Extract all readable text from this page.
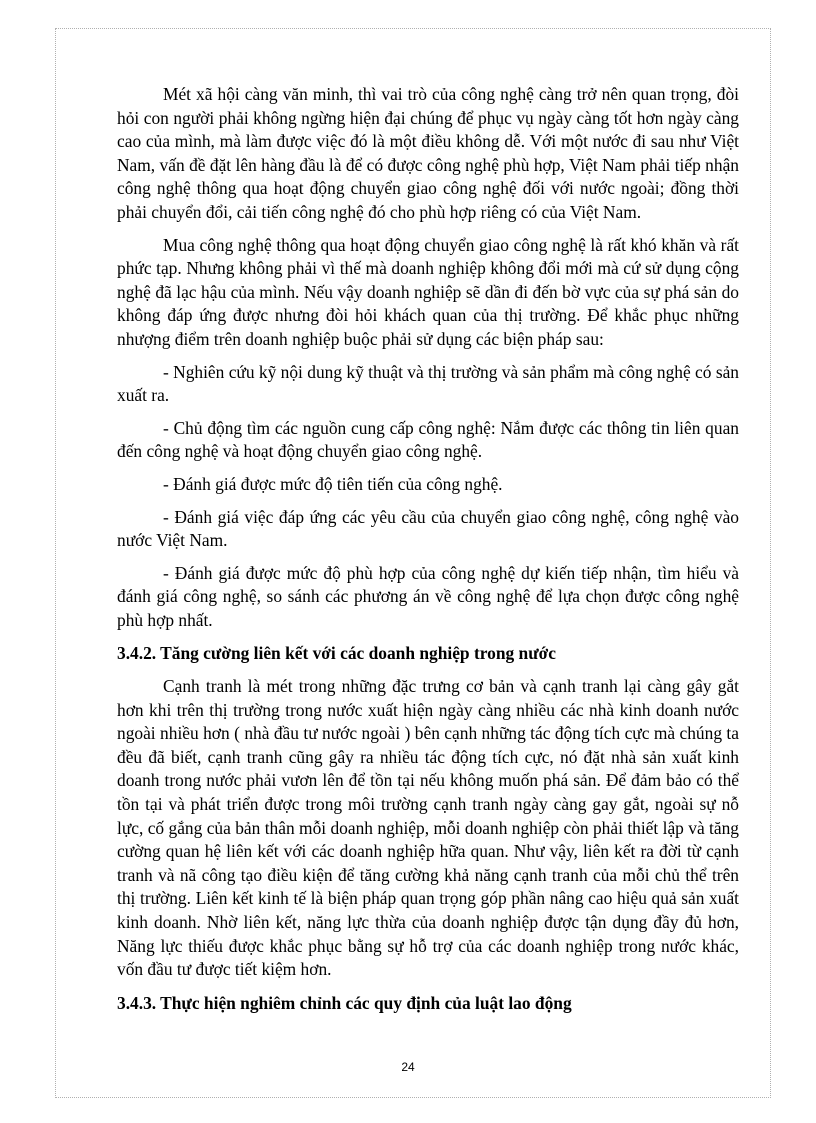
Mét xã hội càng văn minh, thì vai trò của công nghệ càng trở nên quan trọng, đòi hỏi con người phải không ngừng hiện đại chúng để phục vụ ngày càng tốt hơn ngày càng cao của mình, mà làm được việc đó là một điều không dễ. Với một nước đi sau như Việt Nam, vấn đề đặt lên hàng đầu là để có được công nghệ phù hợp, Việt Nam phải tiếp nhận công nghệ thông qua hoạt động chuyển giao công nghệ đối với nước ngoài; đồng thời phải chuyển đổi, cải tiến công nghệ đó cho phù hợp riêng có của Việt Nam.

Mua công nghệ thông qua hoạt động chuyển giao công nghệ là rất khó khăn và rất phức tạp. Nhưng không phải vì thế mà doanh nghiệp không đổi mới mà cứ sử dụng cộng nghệ đã lạc hậu của mình. Nếu vậy doanh nghiệp sẽ dần đi đến bờ vực của sự phá sản do không đáp ứng được nhưng đòi hỏi khách quan của thị trường. Để khắc phục những nhượng điểm trên doanh nghiệp buộc phải sử dụng các biện pháp sau:

- Nghiên cứu kỹ nội dung kỹ thuật và thị trường và sản phẩm mà công nghệ có sản xuất ra.

- Chủ động tìm các nguồn cung cấp công nghệ: Nắm được các thông tin liên quan đến công nghệ và hoạt động chuyển giao công nghệ.

- Đánh giá được mức độ tiên tiến của công nghệ.

- Đánh giá việc đáp ứng các yêu cầu của chuyển giao công nghệ, công nghệ vào nước Việt Nam.

- Đánh giá được mức độ phù hợp của công nghệ dự kiến tiếp nhận, tìm hiểu và đánh giá công nghệ, so sánh các phương án về công nghệ để lựa chọn được công nghệ phù hợp nhất.

3.4.2. Tăng cường liên kết với các doanh nghiệp trong nước

Cạnh tranh là mét trong những đặc trưng cơ bản và cạnh tranh lại càng gây gắt hơn khi trên thị trường trong nước xuất hiện ngày càng nhiều các nhà kinh doanh nước ngoài nhiều hơn ( nhà đầu tư nước ngoài ) bên cạnh những tác động tích cực mà chúng ta đều đã biết, cạnh tranh cũng gây ra nhiều tác động tích cực, nó đặt nhà sản xuất kinh doanh trong nước phải vươn lên để tồn tại nếu không muốn phá sản. Để đảm bảo có thể tồn tại và phát triển được trong môi trường cạnh tranh ngày càng gay gắt, ngoài sự nỗ lực, cố gắng của bản thân mỗi doanh nghiệp, mỗi doanh nghiệp còn phải thiết lập và tăng cường quan hệ liên kết với các doanh nghiệp hữa quan. Như vậy, liên kết ra đời từ cạnh tranh và nã công tạo điều kiện để tăng cường khả năng cạnh tranh của mỗi chủ thể trên thị trường. Liên kết kinh tế là biện pháp quan trọng góp phần nâng cao hiệu quả sản xuất kinh doanh. Nhờ liên kết, năng lực thừa của doanh nghiệp được tận dụng đầy đủ hơn, Năng lực thiếu được khắc phục bằng sự hỗ trợ của các doanh nghiệp trong nước khác, vốn đầu tư được tiết kiệm hơn.

3.4.3. Thực hiện nghiêm chỉnh các quy định của luật lao động
24
